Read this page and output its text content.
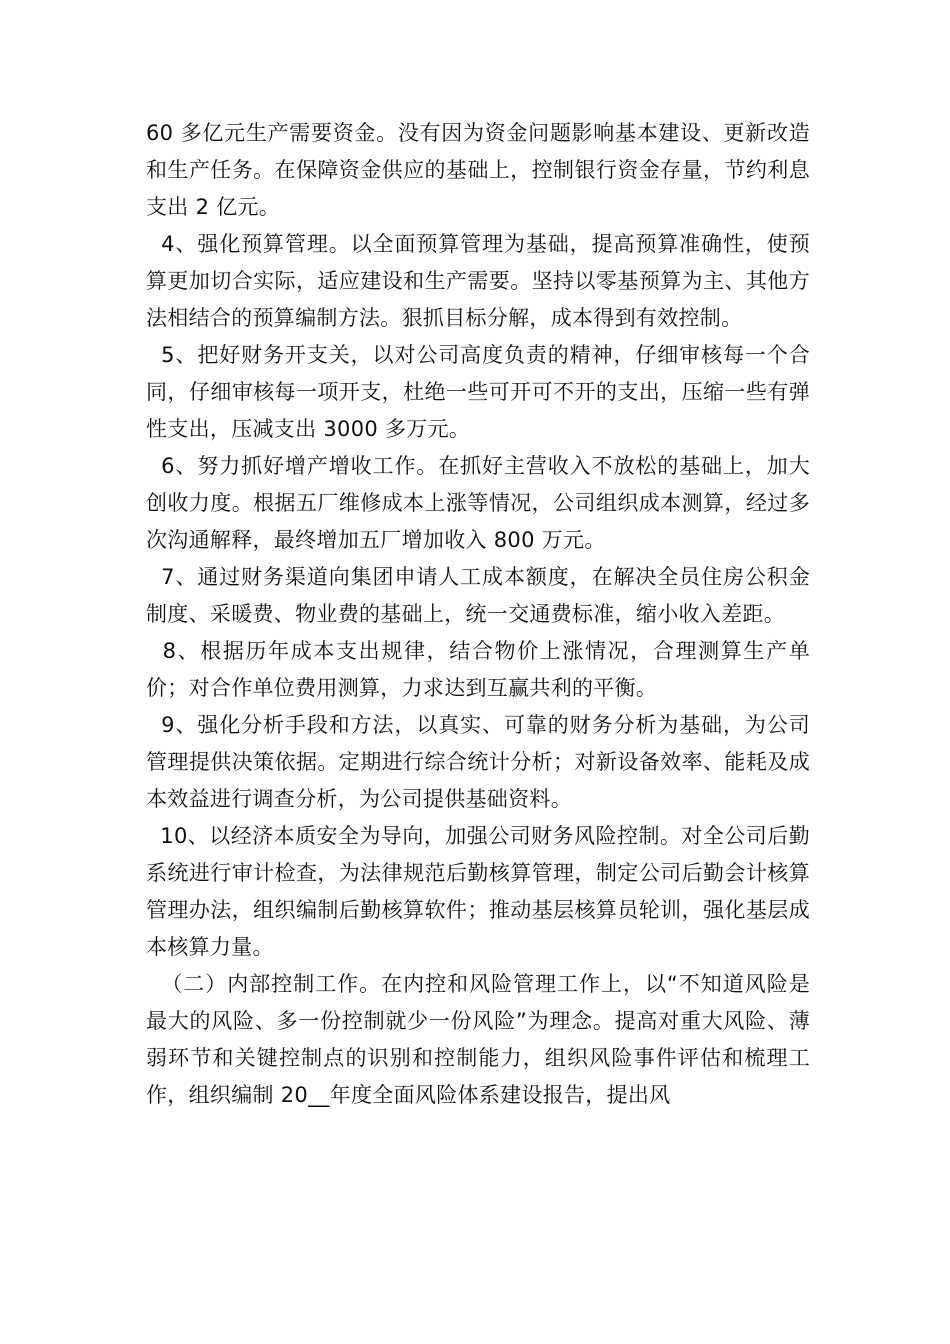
60 多亿元生产需要资金。没有因为资金问题影响基本建设、更新改造和生产任务。在保障资金供应的基础上，控制银行资金存量，节约利息支出 2 亿元。

4、强化预算管理。以全面预算管理为基础，提高预算准确性，使预算更加切合实际，适应建设和生产需要。坚持以零基预算为主、其他方法相结合的预算编制方法。狠抓目标分解，成本得到有效控制。

5、把好财务开支关，以对公司高度负责的精神，仔细审核每一个合同，仔细审核每一项开支，杜绝一些可开可不开的支出，压缩一些有弹性支出，压减支出 3000 多万元。

6、努力抓好增产增收工作。在抓好主营收入不放松的基础上，加大创收力度。根据五厂维修成本上涨等情况，公司组织成本测算，经过多次沟通解释，最终增加五厂增加收入 800 万元。

7、通过财务渠道向集团申请人工成本额度，在解决全员住房公积金制度、采暖费、物业费的基础上，统一交通费标准，缩小收入差距。

8、根据历年成本支出规律，结合物价上涨情况，合理测算生产单价；对合作单位费用测算，力求达到互赢共利的平衡。

9、强化分析手段和方法，以真实、可靠的财务分析为基础，为公司管理提供决策依据。定期进行综合统计分析；对新设备效率、能耗及成本效益进行调查分析，为公司提供基础资料。

10、以经济本质安全为导向，加强公司财务风险控制。对全公司后勤系统进行审计检查，为法律规范后勤核算管理，制定公司后勤会计核算管理办法，组织编制后勤核算软件；推动基层核算员轮训，强化基层成本核算力量。

（二）内部控制工作。在内控和风险管理工作上，以“不知道风险是最大的风险、多一份控制就少一份风险”为理念。提高对重大风险、薄弱环节和关键控制点的识别和控制能力，组织风险事件评估和梳理工作，组织编制 20__年度全面风险体系建设报告，提出风
